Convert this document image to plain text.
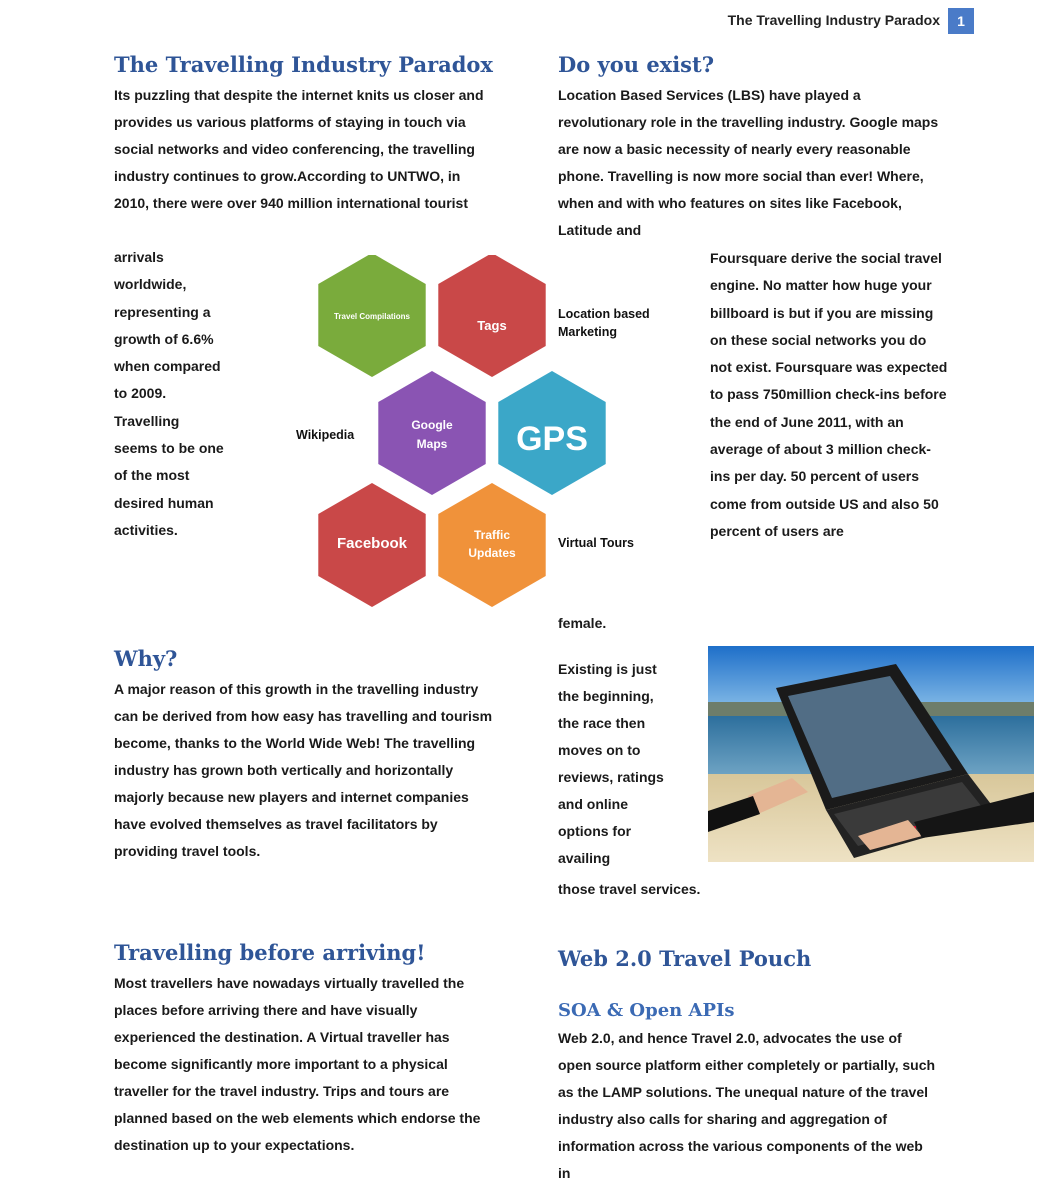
The Travelling Industry Paradox	1
The Travelling Industry Paradox

Its puzzling that despite the internet knits us closer and provides us various platforms of staying in touch via social networks and video conferencing, the travelling industry continues to grow.According to UNTWO, in 2010, there were over 940 million international tourist

arrivals worldwide, representing a growth of 6.6% when compared to 2009. Travelling seems to be one of the most desired human activities.

Do you exist?

Location Based Services (LBS) have played a revolutionary role in the travelling industry. Google maps are now a basic necessity of nearly every reasonable phone. Travelling is now more social than ever! Where, when and with who features on sites like Facebook, Latitude and

Foursquare derive the social travel engine. No matter how huge your billboard is but if you are missing on these social networks you do not exist. Foursquare was expected to pass 750million check-ins before the end of June 2011, with an average of about 3 million check-ins per day. 50 percent of users come from outside US and also 50 percent of users are

female.

Travel Compilations
Tags
GPS
Facebook
Google
Maps
Traffic
Updates
Location based Marketing
Wikipedia
Virtual Tours
Why?

A major reason of this growth in the travelling industry can be derived from how easy has travelling and tourism become, thanks to the World Wide Web! The travelling industry has grown both vertically and horizontally majorly because new players and internet companies have evolved themselves as travel facilitators by providing travel tools.

Existing is just the beginning, the race then moves on to reviews, ratings and online options for availing

those travel services.

Travelling before arriving!

Most travellers have nowadays virtually travelled the places before arriving there and have visually experienced the destination. A Virtual traveller has become significantly more important to a physical traveller for the travel industry. Trips and tours are planned based on the web elements which endorse the destination up to your expectations.

Web 2.0 Travel Pouch
SOA & Open APIs

Web 2.0, and hence Travel 2.0, advocates the use of open source platform either completely or partially, such as the LAMP solutions. The unequal nature of the travel industry also calls for sharing and aggregation of information across the various components of the web in
